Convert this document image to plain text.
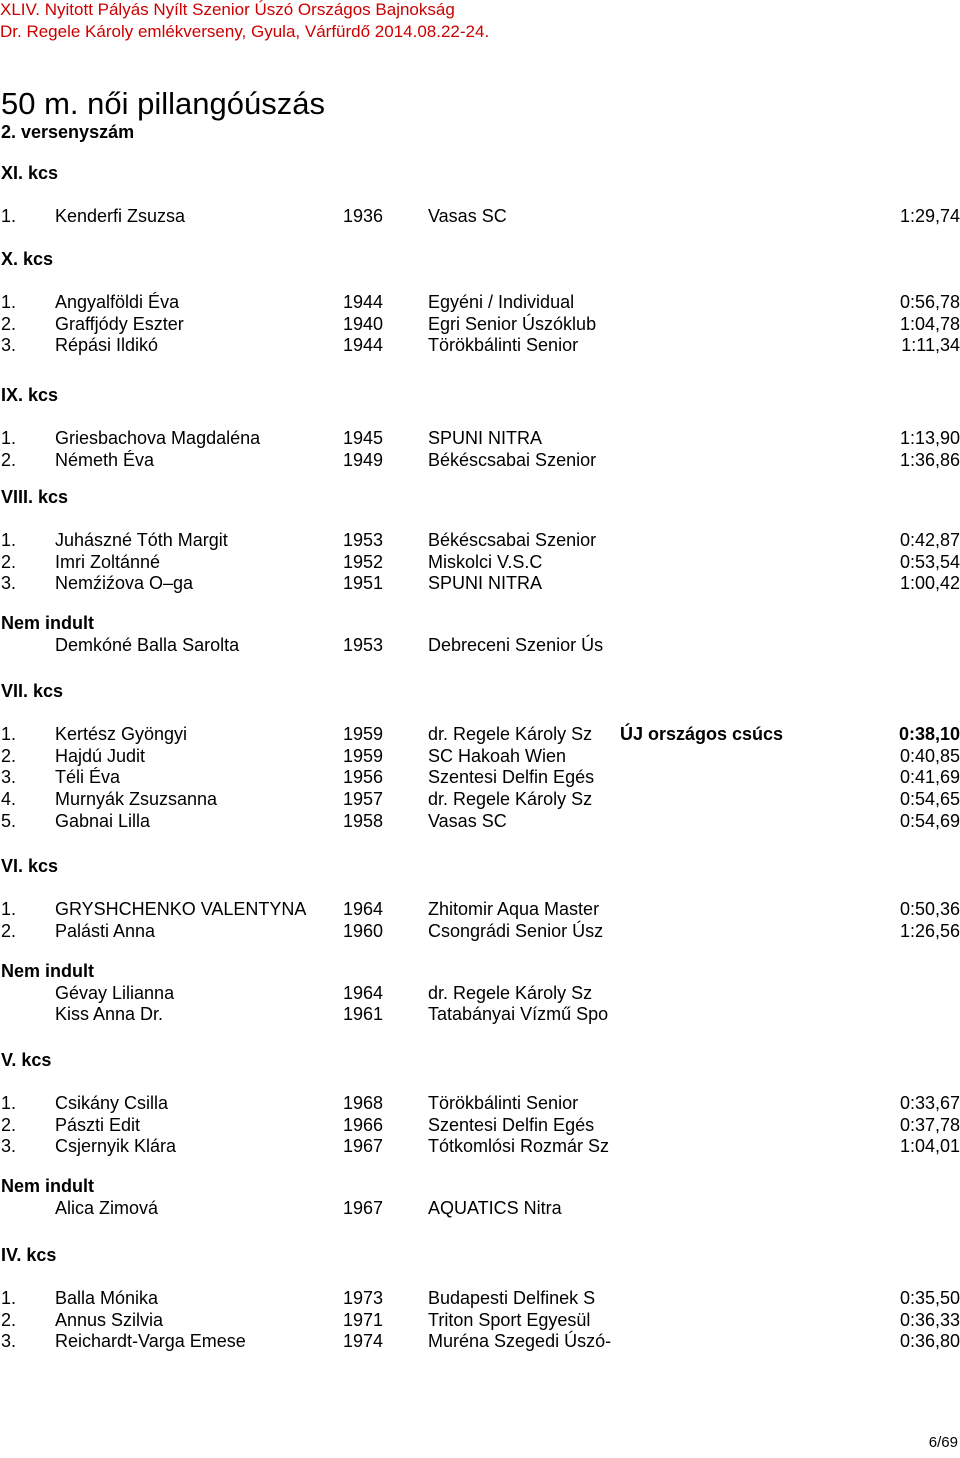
XLIV. Nyitott Pályás Nyílt Szenior Úszó Országos Bajnokság
Dr. Regele Károly emlékverseny, Gyula, Várfürdő 2014.08.22-24.
50 m. női pillangóúszás
2. versenyszám
XI. kcs
1. Kenderfi Zsuzsa	1936 Vasas SC	1:29,74
X. kcs
1. Angyalföldi Éva	1944 Egyéni / Individual	0:56,78
2. Graffjódy Eszter	1940 Egri Senior Úszóklub	1:04,78
3. Répási Ildikó	1944 Törökbálinti Senior	1:11,34
IX. kcs
1. Griesbachova Magdaléna	1945 SPUNI NITRA	1:13,90
2. Németh Éva	1949 Békéscsabai Szenior	1:36,86
VIII. kcs
1. Juhászné Tóth Margit	1953 Békéscsabai Szenior	0:42,87
2. Imri Zoltánné	1952 Miskolci V.S.C	0:53,54
3. Nemźiźova O–ga	1951 SPUNI NITRA	1:00,42
Nem indult
Demkóné Balla Sarolta	1953 Debreceni Szenior Ús
VII. kcs
1. Kertész Gyöngyi	1959 dr. Regele Károly Sz ÚJ országos csúcs	0:38,10
2. Hajdú Judit	1959 SC Hakoah Wien	0:40,85
3. Téli Éva	1956 Szentesi Delfin Egés	0:41,69
4. Murnyák Zsuzsanna	1957 dr. Regele Károly Sz	0:54,65
5. Gabnai Lilla	1958 Vasas SC	0:54,69
VI. kcs
1. GRYSHCHENKO VALENTYNA 1964 Zhitomir Aqua Master	0:50,36
2. Palásti Anna	1960 Csongrádi Senior Úsz	1:26,56
Nem indult
Gévay Lilianna	1964 dr. Regele Károly Sz
Kiss Anna Dr.	1961 Tatabányai Vízmű Spo
V. kcs
1. Csikány Csilla	1968 Törökbálinti Senior	0:33,67
2. Pászti Edit	1966 Szentesi Delfin Egés	0:37,78
3. Csjernyik Klára	1967 Tótkomlósi Rozmár Sz	1:04,01
Nem indult
Alica Zimová	1967 AQUATICS Nitra
IV. kcs
1. Balla Mónika	1973 Budapesti Delfinek S	0:35,50
2. Annus Szilvia	1971 Triton Sport Egyesül	0:36,33
3. Reichardt-Varga Emese	1974 Muréna Szegedi Úszó-	0:36,80
6/69
